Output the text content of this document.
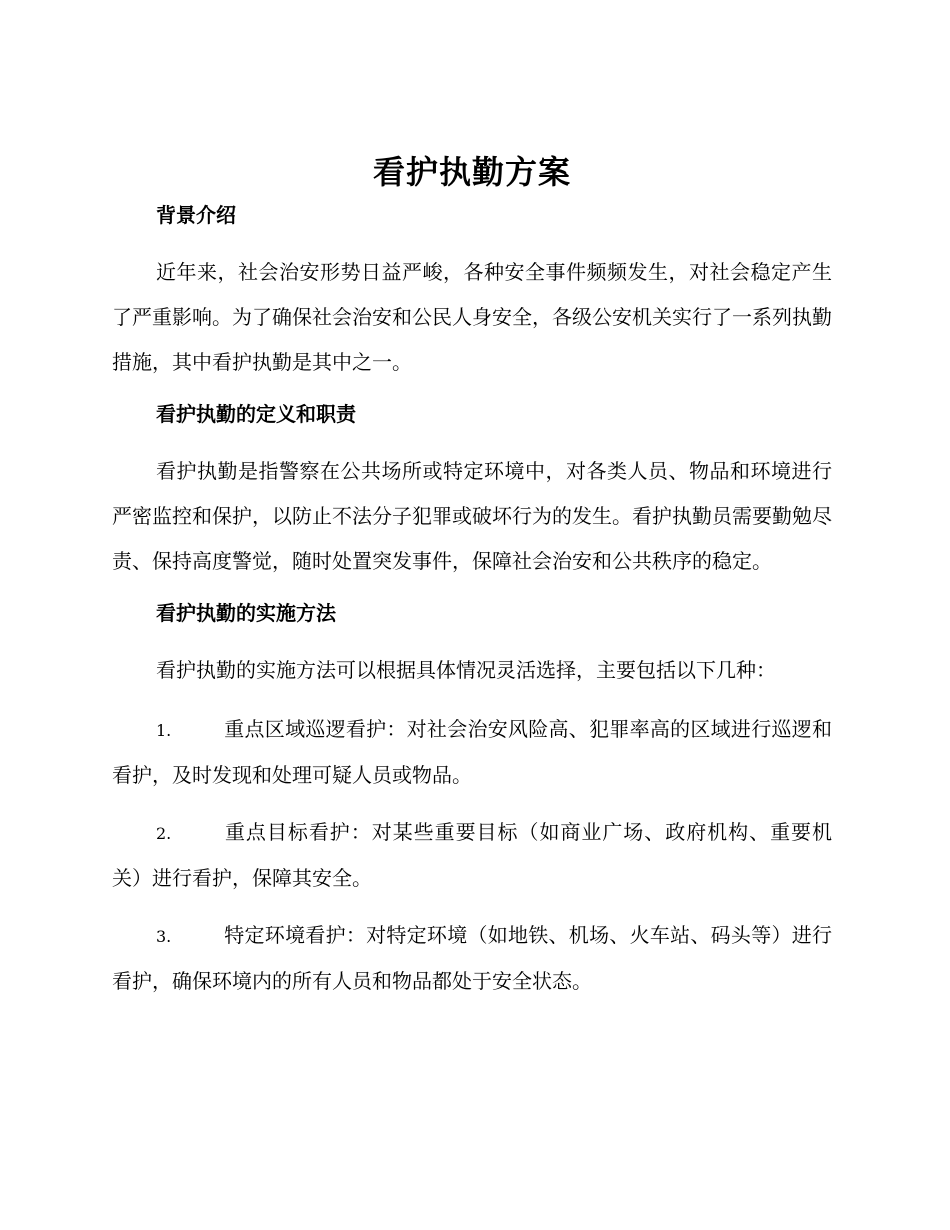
看护执勤方案
背景介绍

近年来，社会治安形势日益严峻，各种安全事件频频发生，对社会稳定产生了严重影响。为了确保社会治安和公民人身安全，各级公安机关实行了一系列执勤措施，其中看护执勤是其中之一。

看护执勤的定义和职责

看护执勤是指警察在公共场所或特定环境中，对各类人员、物品和环境进行严密监控和保护，以防止不法分子犯罪或破坏行为的发生。看护执勤员需要勤勉尽责、保持高度警觉，随时处置突发事件，保障社会治安和公共秩序的稳定。

看护执勤的实施方法

看护执勤的实施方法可以根据具体情况灵活选择，主要包括以下几种：

1.	重点区域巡逻看护：对社会治安风险高、犯罪率高的区域进行巡逻和看护，及时发现和处理可疑人员或物品。

2.	重点目标看护：对某些重要目标（如商业广场、政府机构、重要机关）进行看护，保障其安全。

3.	特定环境看护：对特定环境（如地铁、机场、火车站、码头等）进行看护，确保环境内的所有人员和物品都处于安全状态。
